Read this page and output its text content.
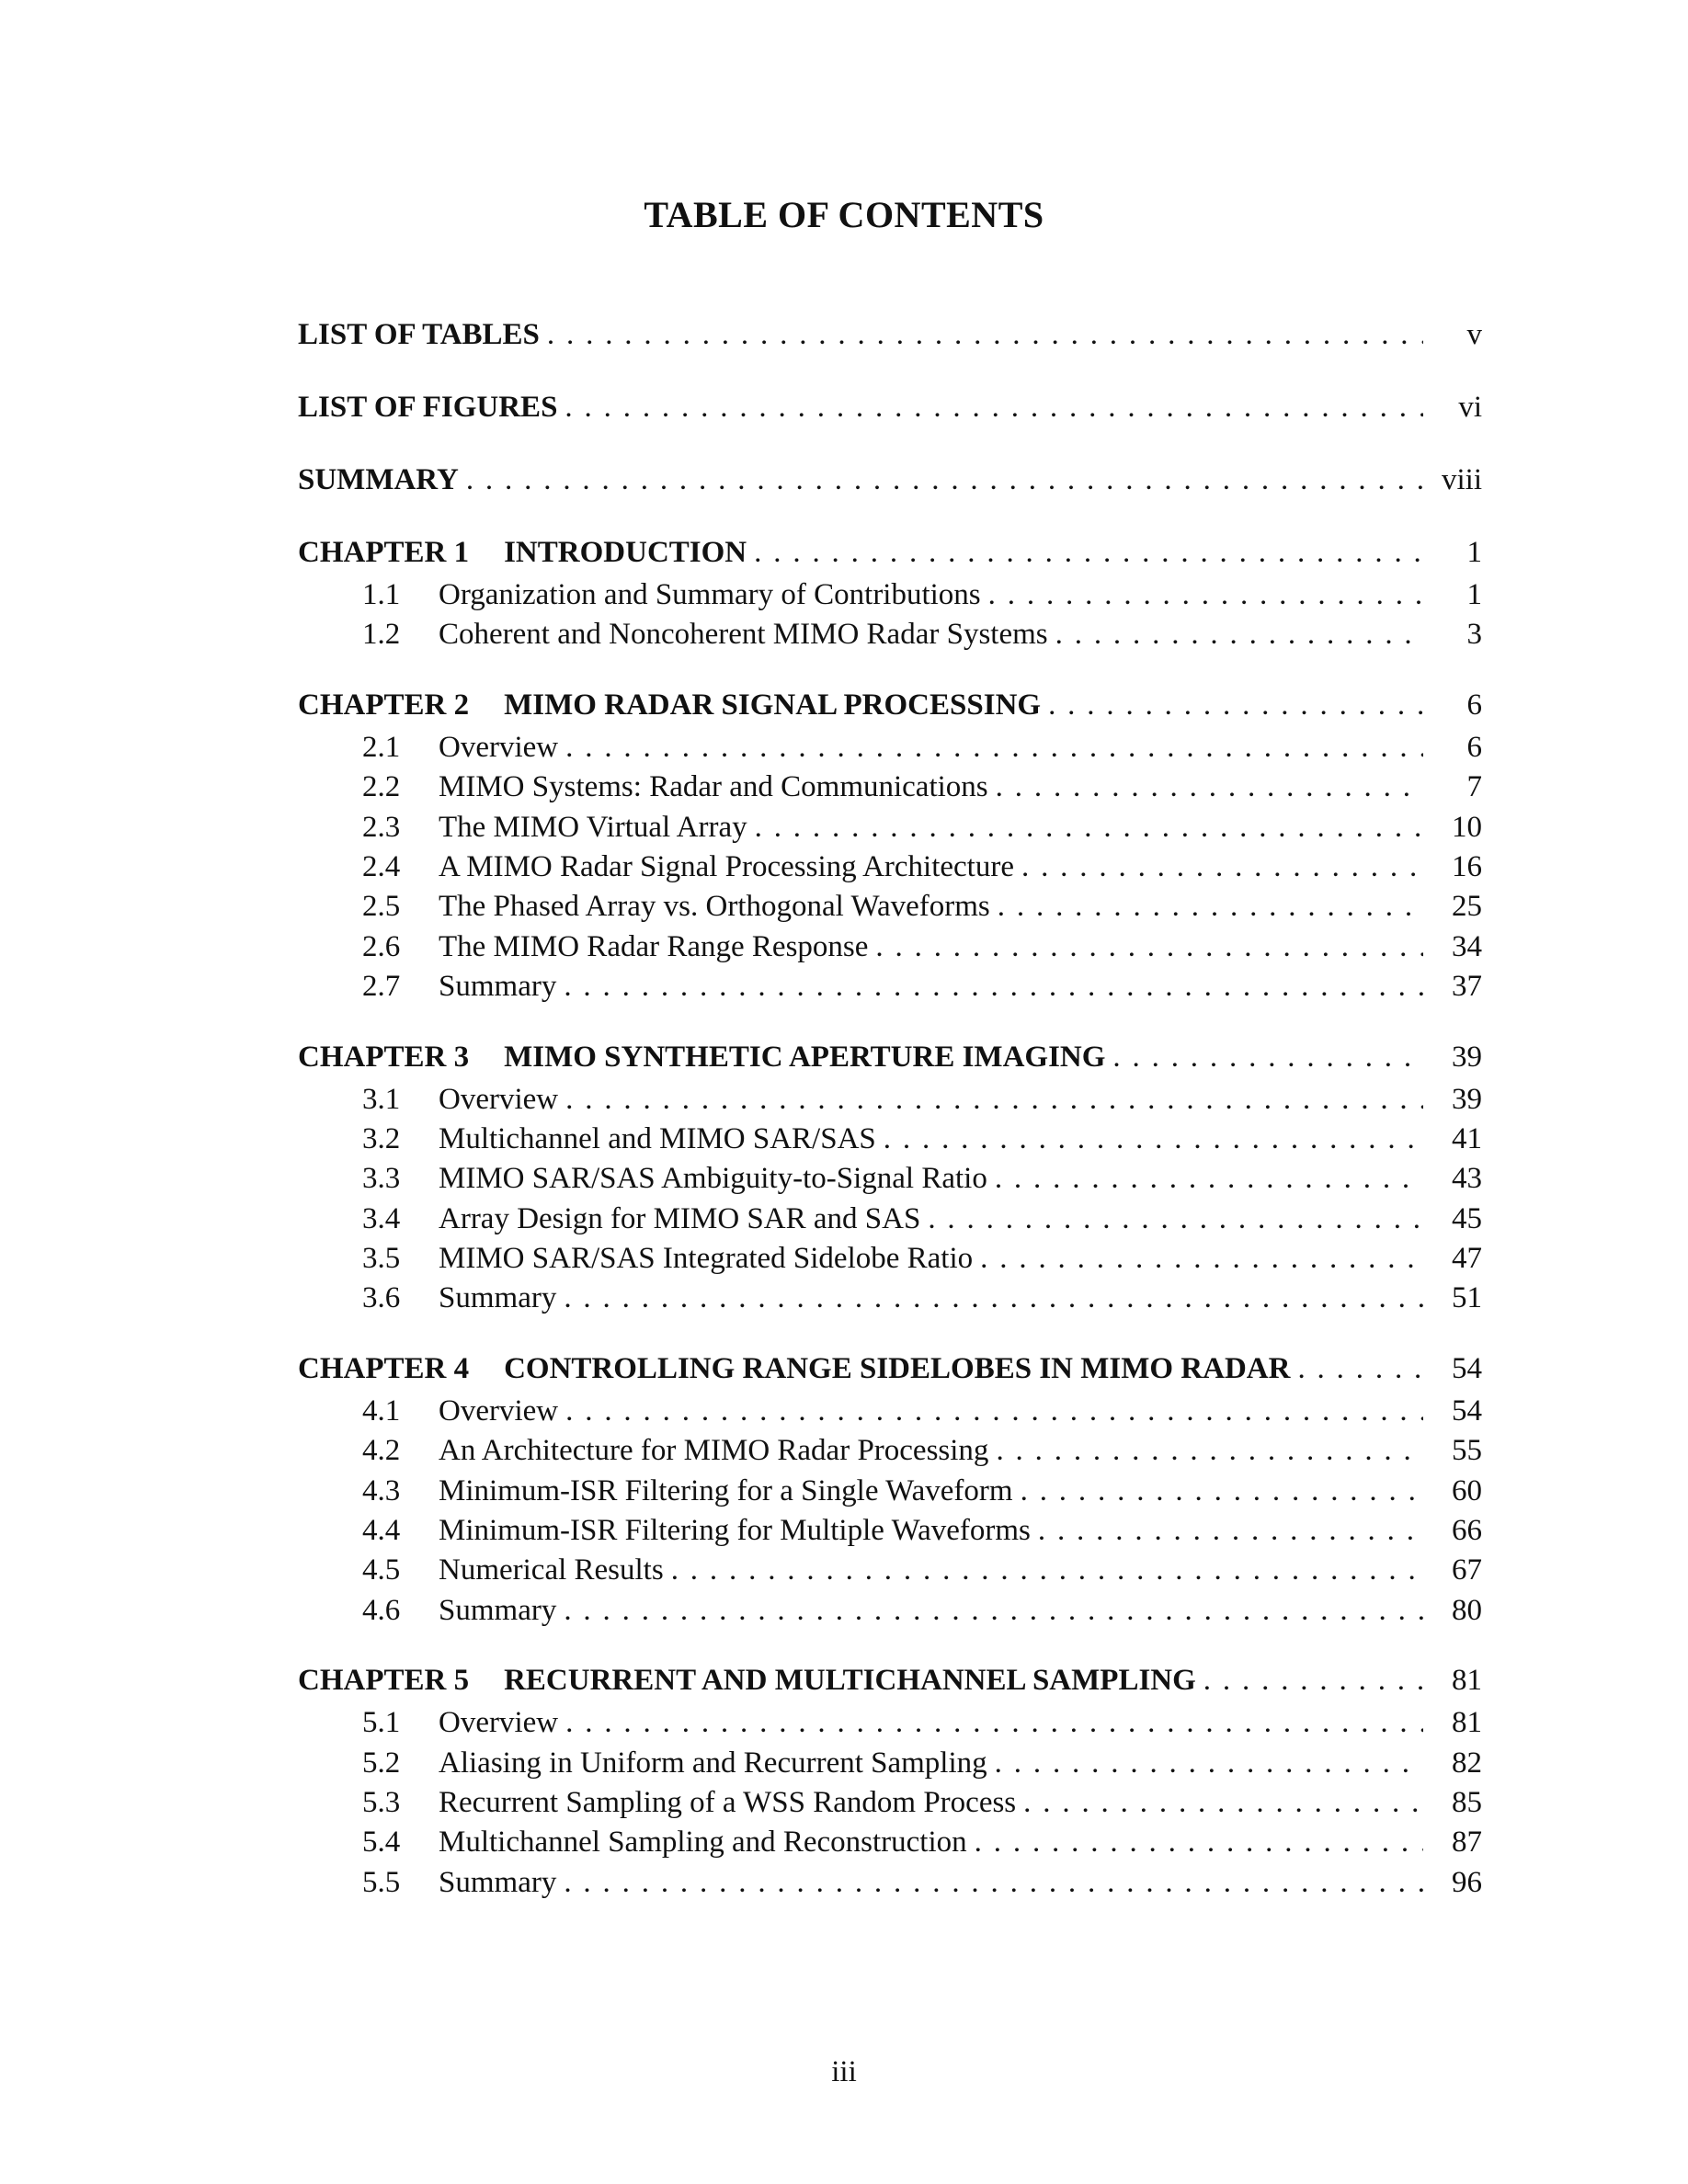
TABLE OF CONTENTS
LIST OF TABLES . . .	v
LIST OF FIGURES . . .	vi
SUMMARY . . .	viii
CHAPTER 1 INTRODUCTION . . .	1
1.1	Organization and Summary of Contributions . . .	1
1.2	Coherent and Noncoherent MIMO Radar Systems . . .	3
CHAPTER 2 MIMO RADAR SIGNAL PROCESSING . . .	6
2.1	Overview . . .	6
2.2	MIMO Systems: Radar and Communications . . .	7
2.3	The MIMO Virtual Array . . .	10
2.4	A MIMO Radar Signal Processing Architecture . . .	16
2.5	The Phased Array vs. Orthogonal Waveforms . . .	25
2.6	The MIMO Radar Range Response . . .	34
2.7	Summary . . .	37
CHAPTER 3 MIMO SYNTHETIC APERTURE IMAGING . . .	39
3.1	Overview . . .	39
3.2	Multichannel and MIMO SAR/SAS . . .	41
3.3	MIMO SAR/SAS Ambiguity-to-Signal Ratio . . .	43
3.4	Array Design for MIMO SAR and SAS . . .	45
3.5	MIMO SAR/SAS Integrated Sidelobe Ratio . . .	47
3.6	Summary . . .	51
CHAPTER 4 CONTROLLING RANGE SIDELOBES IN MIMO RADAR . . .	54
4.1	Overview . . .	54
4.2	An Architecture for MIMO Radar Processing . . .	55
4.3	Minimum-ISR Filtering for a Single Waveform . . .	60
4.4	Minimum-ISR Filtering for Multiple Waveforms . . .	66
4.5	Numerical Results . . .	67
4.6	Summary . . .	80
CHAPTER 5 RECURRENT AND MULTICHANNEL SAMPLING . . .	81
5.1	Overview . . .	81
5.2	Aliasing in Uniform and Recurrent Sampling . . .	82
5.3	Recurrent Sampling of a WSS Random Process . . .	85
5.4	Multichannel Sampling and Reconstruction . . .	87
5.5	Summary . . .	96
iii
